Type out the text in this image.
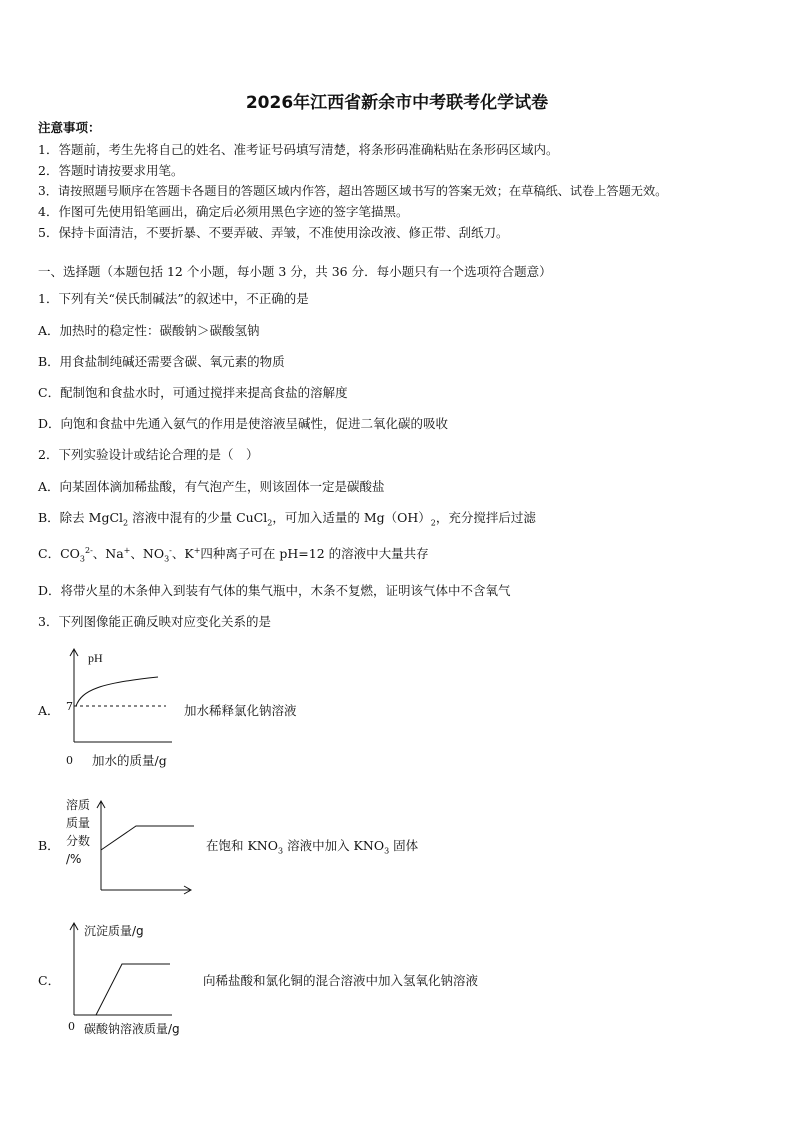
2026年江西省新余市中考联考化学试卷
注意事项：
1．答题前，考生先将自己的姓名、准考证号码填写清楚，将条形码准确粘贴在条形码区域内。
2．答题时请按要求用笔。
3．请按照题号顺序在答题卡各题目的答题区域内作答，超出答题区域书写的答案无效；在草稿纸、试卷上答题无效。
4．作图可先使用铅笔画出，确定后必须用黑色字迹的签字笔描黑。
5．保持卡面清洁，不要折暴、不要弄破、弄皱，不准使用涂改液、修正带、刮纸刀。
一、选择题（本题包括 12 个小题，每小题 3 分，共 36 分．每小题只有一个选项符合题意）
1．下列有关“侯氏制碱法”的叙述中，不正确的是
A．加热时的稳定性：碳酸钠＞碳酸氢钠
B．用食盐制纯碱还需要含碳、氧元素的物质
C．配制饱和食盐水时，可通过搅拌来提高食盐的溶解度
D．向饱和食盐中先通入氨气的作用是使溶液呈碱性，促进二氧化碳的吸收
2．下列实验设计或结论合理的是（　）
A．向某固体滴加稀盐酸，有气泡产生，则该固体一定是碳酸盐
B．除去 MgCl$_2$ 溶液中混有的少量 CuCl$_2$，可加入适量的 $Mg(OH)_2$，充分搅拌后过滤
C．$CO_3^{2-}$、Na+、$NO_3^-$、K+四种离子可在 pH=12 的溶液中大量共存
D．将带火星的木条伸入到装有气体的集气瓶中，木条不复燃，证明该气体中不含氧气
3．下列图像能正确反映对应变化关系的是
A．
pH
7
0 加水的质量/g
加水稀释氯化钠溶液
B．
溶质
质量
分数
/%
在饱和 $KNO_3$ 溶液中加入 $KNO_3$ 固体
C．
沉淀质量/g
0 碳酸钠溶液质量/g
向稀盐酸和氯化铜的混合溶液中加入氢氧化钠溶液
